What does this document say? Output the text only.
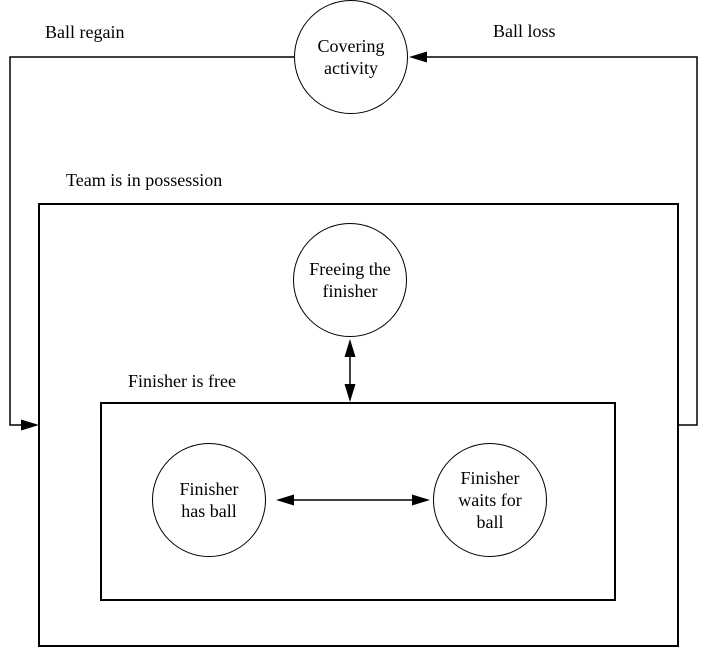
Covering
activity
Freeing the
finisher
Finisher
has ball
Finisher
waits for
ball
Ball regain	Ball loss
Team is in possession
Finisher is free
